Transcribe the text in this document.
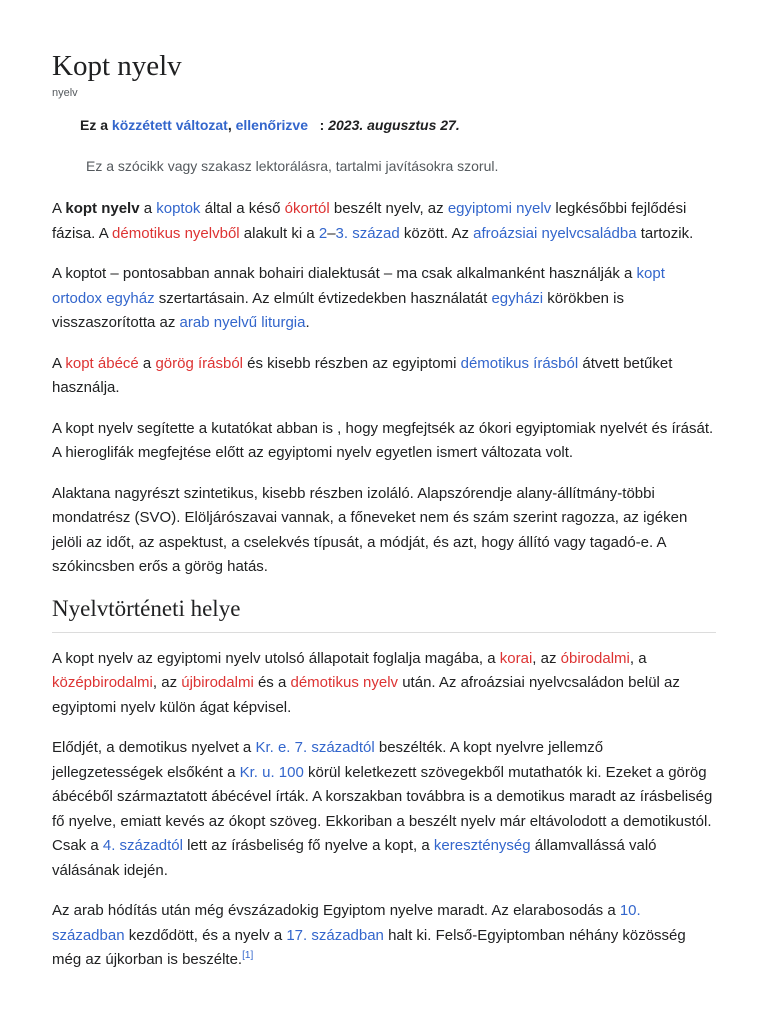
Kopt nyelv
nyelv
Ez a közzétett változat, ellenőrizve   : 2023. augusztus 27.
Ez a szócikk vagy szakasz lektorálásra, tartalmi javításokra szorul.

A kopt nyelv a koptok által a késő ókortól beszélt nyelv, az egyiptomi nyelv legkésőbbi fejlődési fázisa. A démotikus nyelvből alakult ki a 2–3. század között. Az afroázsiai nyelvcsaládba tartozik.

A koptot – pontosabban annak bohairi dialektusát – ma csak alkalmanként használják a kopt ortodox egyház szertartásain. Az elmúlt évtizedekben használatát egyházi körökben is visszaszorította az arab nyelvű liturgia.

A kopt ábécé a görög írásból és kisebb részben az egyiptomi démotikus írásból átvett betűket használja.

A kopt nyelv segítette a kutatókat abban is , hogy megfejtsék az ókori egyiptomiak nyelvét és írását. A hieroglifák megfejtése előtt az egyiptomi nyelv egyetlen ismert változata volt.

Alaktana nagyrészt szintetikus, kisebb részben izoláló. Alapszórendje alany-állítmány-többi mondatrész (SVO). Elöljárószavai vannak, a főneveket nem és szám szerint ragozza, az igéken jelöli az időt, az aspektust, a cselekvés típusát, a módját, és azt, hogy állító vagy tagadó-e. A szókincsben erős a görög hatás.

Nyelvtörténeti helye

A kopt nyelv az egyiptomi nyelv utolsó állapotait foglalja magába, a korai, az óbirodalmi, a középbirodalmi, az újbirodalmi és a démotikus nyelv után. Az afroázsiai nyelvcsaládon belül az egyiptomi nyelv külön ágat képvisel.

Elődjét, a demotikus nyelvet a Kr. e. 7. századtól beszélték. A kopt nyelvre jellemző jellegzetességek elsőként a Kr. u. 100 körül keletkezett szövegekből mutathatók ki. Ezeket a görög ábécéből származtatott ábécével írták. A korszakban továbbra is a demotikus maradt az írásbeliség fő nyelve, emiatt kevés az ókopt szöveg. Ekkoriban a beszélt nyelv már eltávolodott a demotikustól. Csak a 4. századtól lett az írásbeliség fő nyelve a kopt, a kereszténység államvallássá való válásának idején.

Az arab hódítás után még évszázadokig Egyiptom nyelve maradt. Az elarabosodás a 10. században kezdődött, és a nyelv a 17. században halt ki. Felső-Egyiptomban néhány közösség még az újkorban is beszélte.[1]
